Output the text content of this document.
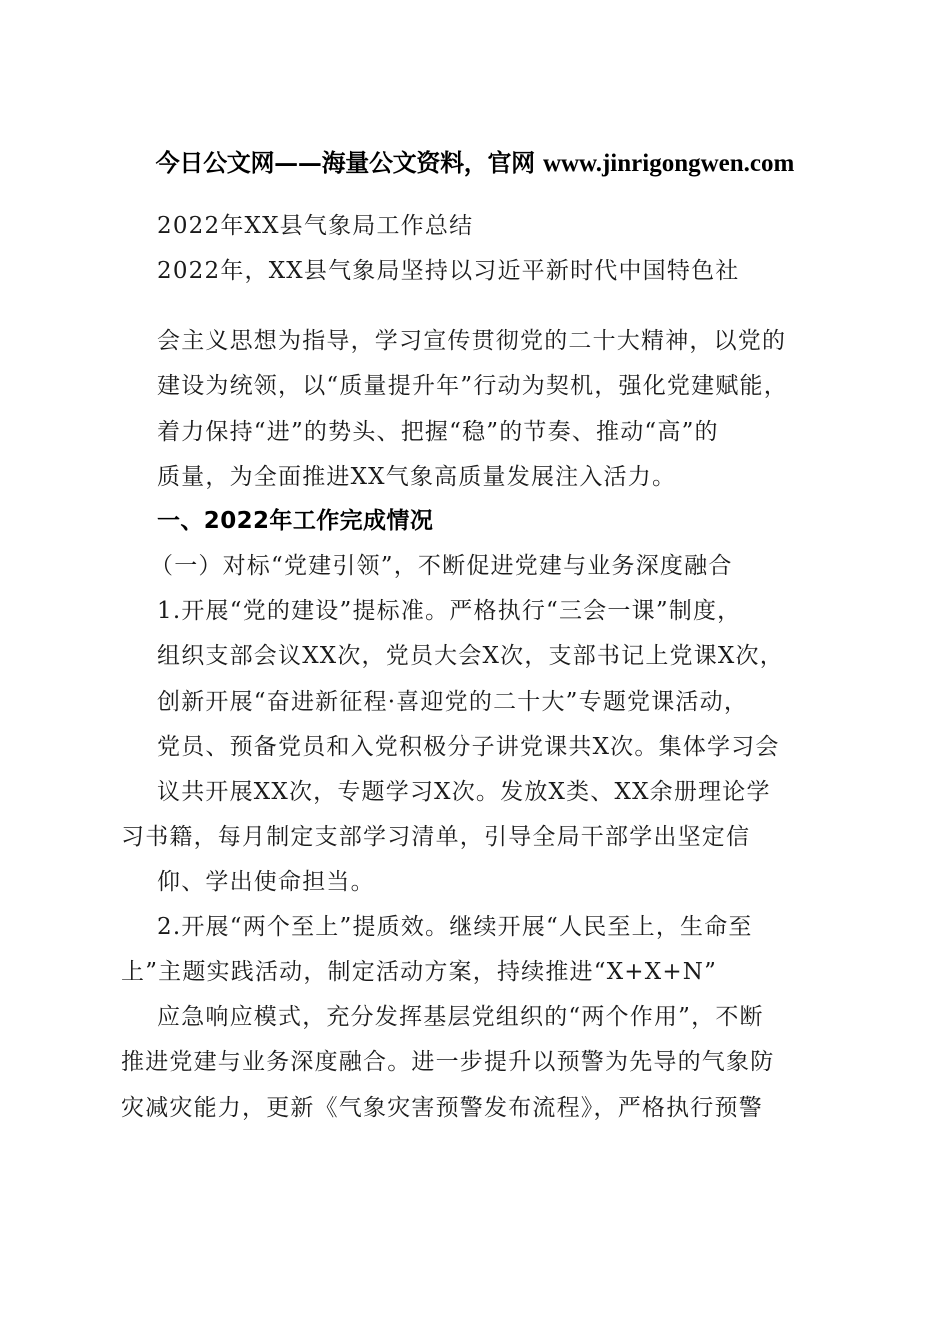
今日公文网——海量公文资料，官网 www.jinrigongwen.com
2022年XX县气象局工作总结
2022年，XX县气象局坚持以习近平新时代中国特色社
会主义思想为指导，学习宣传贯彻党的二十大精神，以党的
建设为统领，以“质量提升年”行动为契机，强化党建赋能，
着力保持“进”的势头、把握“稳”的节奏、推动“高”的
质量，为全面推进XX气象高质量发展注入活力。
一、2022年工作完成情况
（一）对标“党建引领”，不断促进党建与业务深度融合
1.开展“党的建设”提标准。严格执行“三会一课”制度，
组织支部会议XX次，党员大会X次，支部书记上党课X次，
创新开展“奋进新征程·喜迎党的二十大”专题党课活动，
党员、预备党员和入党积极分子讲党课共X次。集体学习会
议共开展XX次，专题学习X次。发放X类、XX余册理论学
习书籍，每月制定支部学习清单，引导全局干部学出坚定信
仰、学出使命担当。
2.开展“两个至上”提质效。继续开展“人民至上，生命至
上”主题实践活动，制定活动方案，持续推进“X+X+N”
应急响应模式，充分发挥基层党组织的“两个作用”，不断
推进党建与业务深度融合。进一步提升以预警为先导的气象防
灾减灾能力，更新《气象灾害预警发布流程》，严格执行预警
